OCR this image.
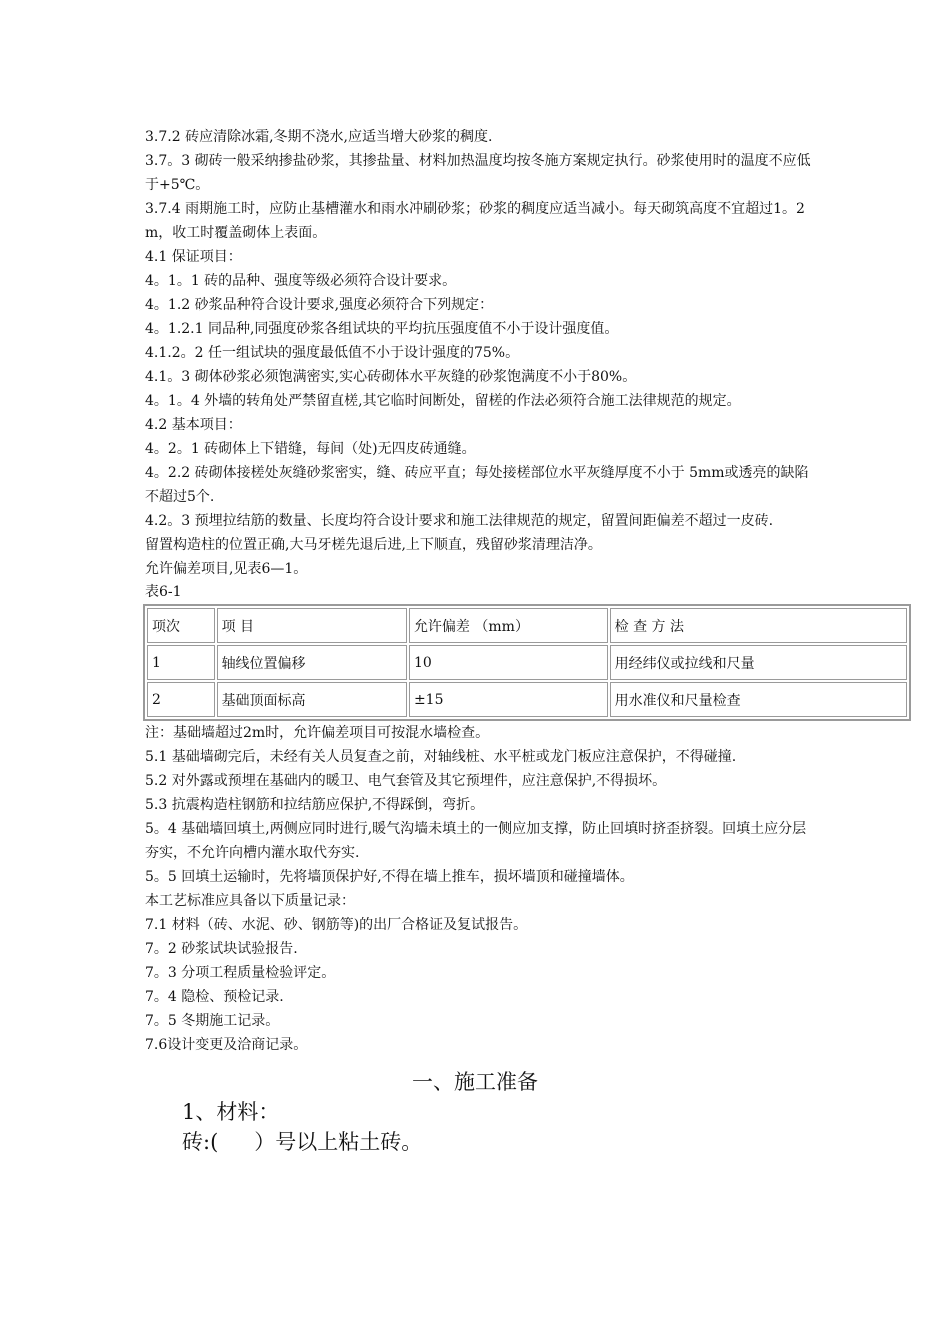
3.7.2 砖应清除冰霜,冬期不浇水,应适当增大砂浆的稠度.

3.7。3 砌砖一般采纳掺盐砂浆，其掺盐量、材料加热温度均按冬施方案规定执行。砂浆使用时的温度不应低于+5℃。

3.7.4 雨期施工时，应防止基槽灌水和雨水冲刷砂浆；砂浆的稠度应适当减小。每天砌筑高度不宜超过1。2m，收工时覆盖砌体上表面。

4.1 保证项目：

4。1。1 砖的品种、强度等级必须符合设计要求。

4。1.2 砂浆品种符合设计要求,强度必须符合下列规定：

4。1.2.1 同品种,同强度砂浆各组试块的平均抗压强度值不小于设计强度值。

4.1.2。2 任一组试块的强度最低值不小于设计强度的75%。

4.1。3 砌体砂浆必须饱满密实,实心砖砌体水平灰缝的砂浆饱满度不小于80%。

4。1。4 外墙的转角处严禁留直槎,其它临时间断处，留槎的作法必须符合施工法律规范的规定。

4.2 基本项目：

4。2。1 砖砌体上下错缝，每间（处)无四皮砖通缝。

4。2.2 砖砌体接槎处灰缝砂浆密实，缝、砖应平直；每处接槎部位水平灰缝厚度不小于 5mm或透亮的缺陷不超过5个.

4.2。3 预埋拉结筋的数量、长度均符合设计要求和施工法律规范的规定，留置间距偏差不超过一皮砖.

留置构造柱的位置正确,大马牙槎先退后进,上下顺直，残留砂浆清理洁净。

允许偏差项目,见表6—1。

表6-1

项次	项 目	允许偏差 （mm）	检 查 方 法
1	轴线位置偏移	10	用经纬仪或拉线和尺量
2	基础顶面标高	±15	用水准仪和尺量检查

注：基础墙超过2m时，允许偏差项目可按混水墙检查。

5.1 基础墙砌完后，未经有关人员复查之前，对轴线桩、水平桩或龙门板应注意保护，不得碰撞.

5.2 对外露或预埋在基础内的暖卫、电气套管及其它预埋件，应注意保护,不得损坏。

5.3 抗震构造柱钢筋和拉结筋应保护,不得踩倒，弯折。

5。4 基础墙回填土,两侧应同时进行,暖气沟墙未填土的一侧应加支撑，防止回填时挤歪挤裂。回填土应分层夯实，不允许向槽内灌水取代夯实.

5。5 回填土运输时，先将墙顶保护好,不得在墙上推车，损坏墙顶和碰撞墙体。

本工艺标准应具备以下质量记录：

7.1 材料（砖、水泥、砂、钢筋等)的出厂合格证及复试报告。

7。2 砂浆试块试验报告.

7。3 分项工程质量检验评定。

7。4 隐检、预检记录.

7。5 冬期施工记录。

7.6设计变更及洽商记录。

一、施工准备

1、材料：

砖:( ）号以上粘土砖。
